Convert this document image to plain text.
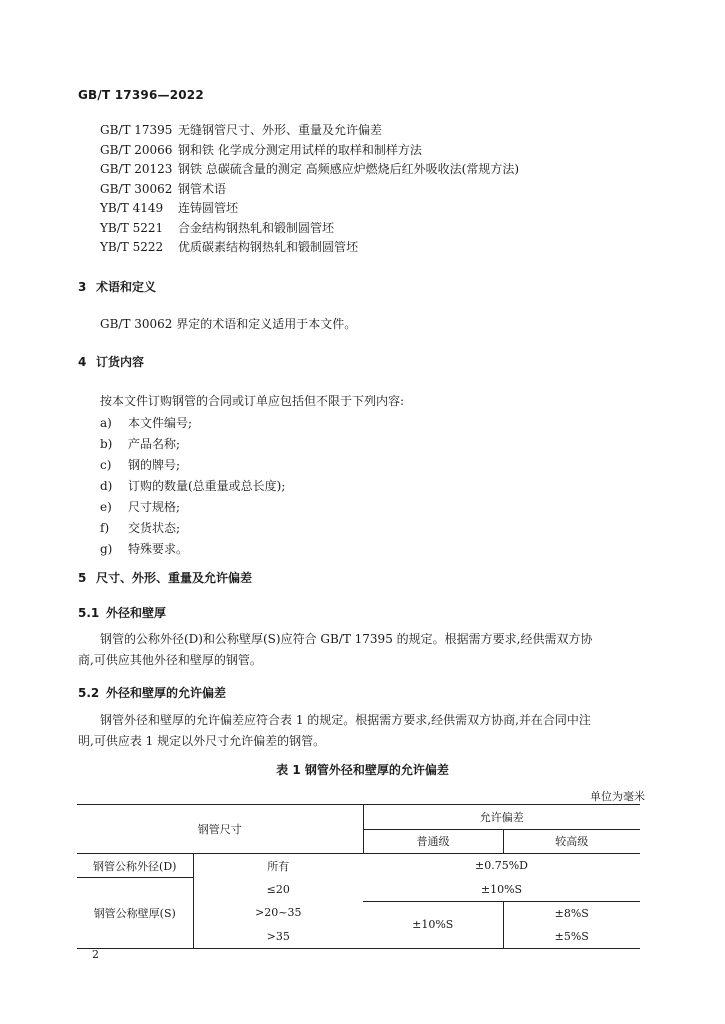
GB/T 17396—2022
GB/T 17395 无缝钢管尺寸、外形、重量及允许偏差
GB/T 20066 钢和铁 化学成分测定用试样的取样和制样方法
GB/T 20123 钢铁 总碳硫含量的测定 高频感应炉燃烧后红外吸收法(常规方法)
GB/T 30062 钢管术语
YB/T 4149 连铸圆管坯
YB/T 5221 合金结构钢热轧和锻制圆管坯
YB/T 5222 优质碳素结构钢热轧和锻制圆管坯
3 术语和定义
GB/T 30062 界定的术语和定义适用于本文件。
4 订货内容
按本文件订购钢管的合同或订单应包括但不限于下列内容:
a) 本文件编号;
b) 产品名称;
c) 钢的牌号;
d) 订购的数量(总重量或总长度);
e) 尺寸规格;
f) 交货状态;
g) 特殊要求。
5 尺寸、外形、重量及允许偏差
5.1 外径和壁厚
钢管的公称外径(D)和公称壁厚(S)应符合 GB/T 17395 的规定。根据需方要求,经供需双方协
商,可供应其他外径和壁厚的钢管。
5.2 外径和壁厚的允许偏差
钢管外径和壁厚的允许偏差应符合表 1 的规定。根据需方要求,经供需双方协商,并在合同中注
明,可供应表 1 规定以外尺寸允许偏差的钢管。
表 1 钢管外径和壁厚的允许偏差
单位为毫米
钢管尺寸		允许偏差	
		普通级	较高级
钢管公称外径(D)	所有	±0.75%D	
钢管公称壁厚(S)	≤20	±10%S	
	>20~35	±10%S	±8%S
	>35		±5%S
2
